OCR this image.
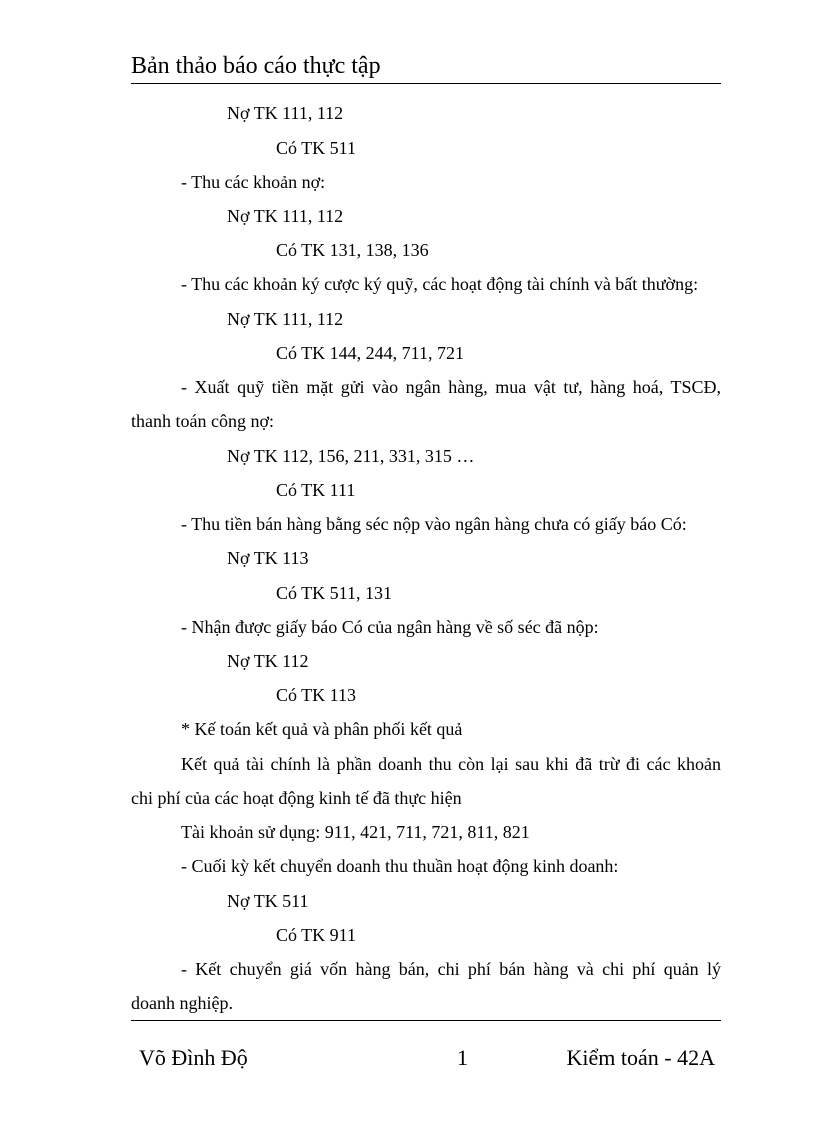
Bản thảo báo cáo thực tập
Nợ TK 111, 112
Có TK 511
- Thu các khoản nợ:
Nợ TK 111, 112
Có TK 131, 138, 136
- Thu các khoản ký cược ký quỹ, các hoạt động tài chính và bất thường:
Nợ TK 111, 112
Có TK 144, 244, 711, 721
- Xuất quỹ tiền mặt gửi vào ngân hàng, mua vật tư, hàng hoá, TSCĐ,
thanh toán công nợ:
Nợ TK 112, 156, 211, 331, 315 …
Có TK 111
- Thu tiền bán hàng bằng séc nộp vào ngân hàng chưa có giấy báo Có:
Nợ TK 113
Có TK 511, 131
- Nhận được giấy báo Có của ngân hàng về số séc đã nộp:
Nợ TK 112
Có TK 113
* Kế toán kết quả và phân phối kết quả
Kết quả tài chính là phần doanh thu còn lại sau khi đã trừ đi các khoản
chi phí của các hoạt động kinh tế đã thực hiện
Tài khoản sử dụng: 911, 421, 711, 721, 811, 821
- Cuối kỳ kết chuyển doanh thu thuần hoạt động kinh doanh:
Nợ TK 511
Có TK 911
- Kết chuyển giá vốn hàng bán, chi phí bán hàng và chi phí quản lý
doanh nghiệp.
Võ Đình Độ	1	Kiểm toán - 42A
